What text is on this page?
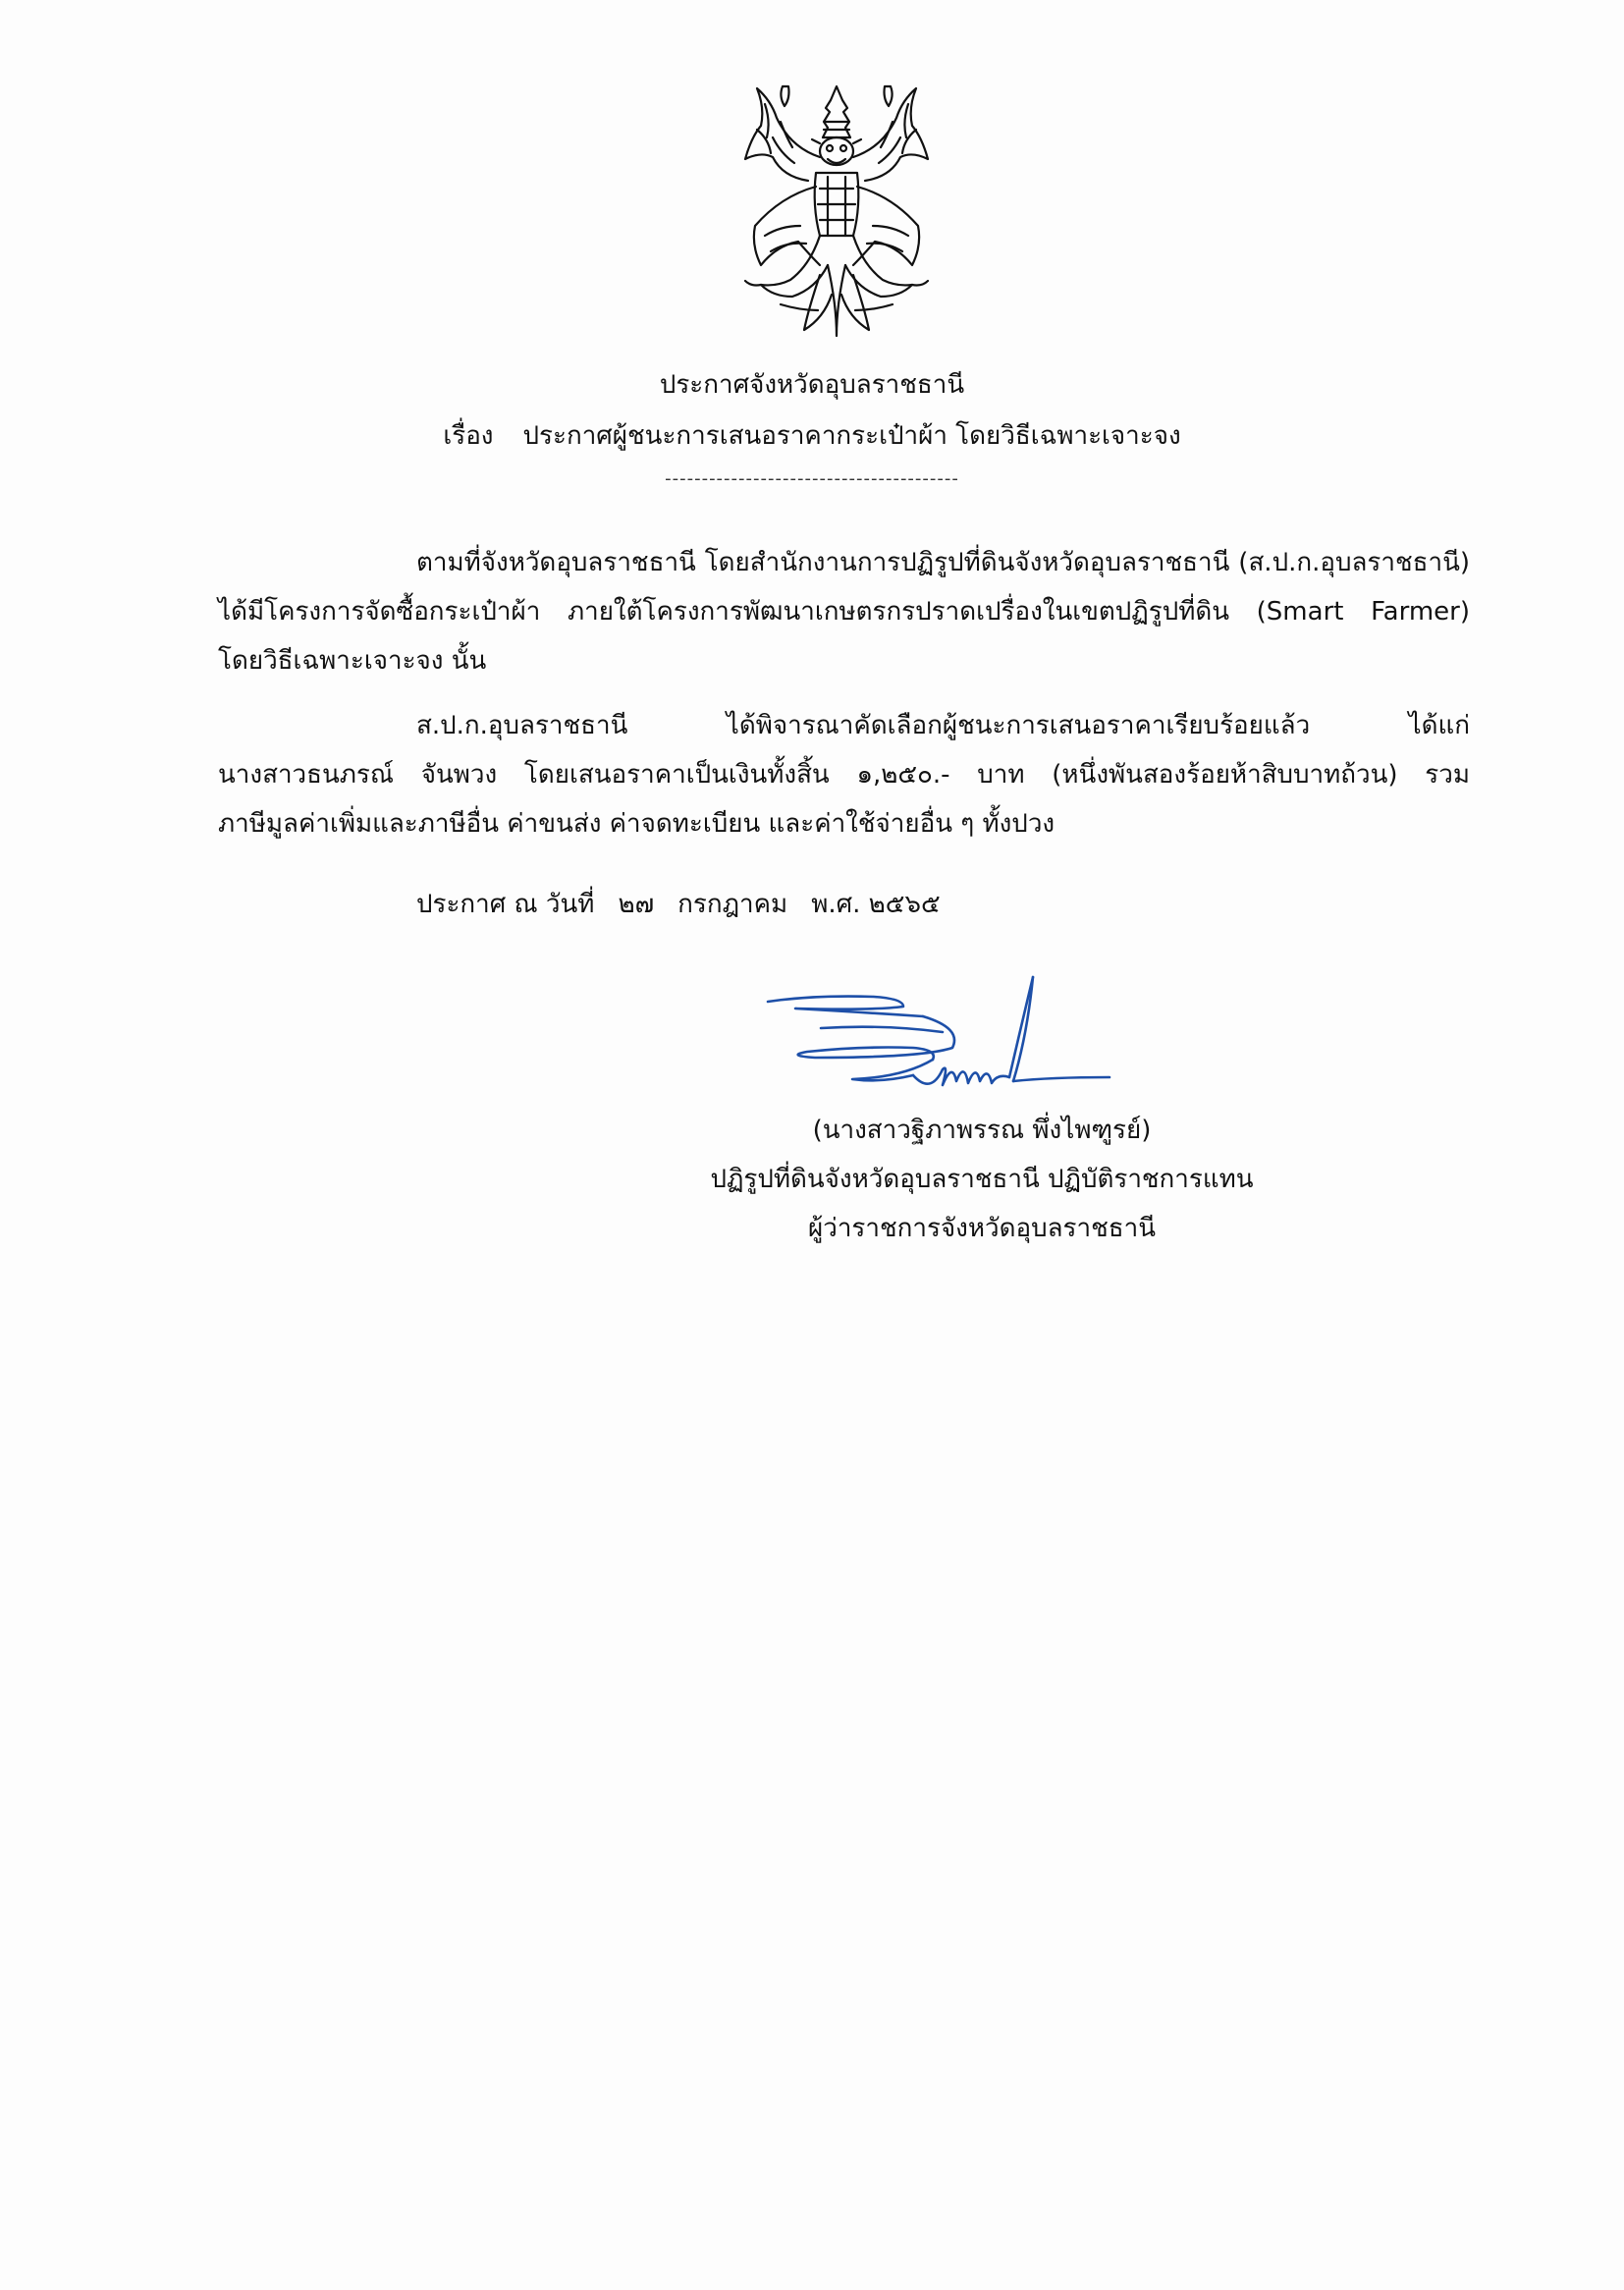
ประกาศจังหวัดอุบลราชธานี
เรื่อง ประกาศผู้ชนะการเสนอราคากระเป๋าผ้า โดยวิธีเฉพาะเจาะจง
----------------------------------------
ตามที่จังหวัดอุบลราชธานี โดยสำนักงานการปฏิรูปที่ดินจังหวัดอุบลราชธานี (ส.ป.ก.อุบลราชธานี)
ได้มีโครงการจัดซื้อกระเป๋าผ้า ภายใต้โครงการพัฒนาเกษตรกรปราดเปรื่องในเขตปฏิรูปที่ดิน (Smart Farmer)
โดยวิธีเฉพาะเจาะจง นั้น
ส.ป.ก.อุบลราชธานี ได้พิจารณาคัดเลือกผู้ชนะการเสนอราคาเรียบร้อยแล้ว ได้แก่
นางสาวธนภรณ์ จันพวง โดยเสนอราคาเป็นเงินทั้งสิ้น ๑,๒๕๐.- บาท (หนึ่งพันสองร้อยห้าสิบบาทถ้วน) รวม
ภาษีมูลค่าเพิ่มและภาษีอื่น ค่าขนส่ง ค่าจดทะเบียน และค่าใช้จ่ายอื่น ๆ ทั้งปวง
ประกาศ ณ วันที่ ๒๗ กรกฎาคม พ.ศ. ๒๕๖๕
(นางสาวฐิภาพรรณ พึ่งไพฑูรย์)
ปฏิรูปที่ดินจังหวัดอุบลราชธานี ปฏิบัติราชการแทน
ผู้ว่าราชการจังหวัดอุบลราชธานี
